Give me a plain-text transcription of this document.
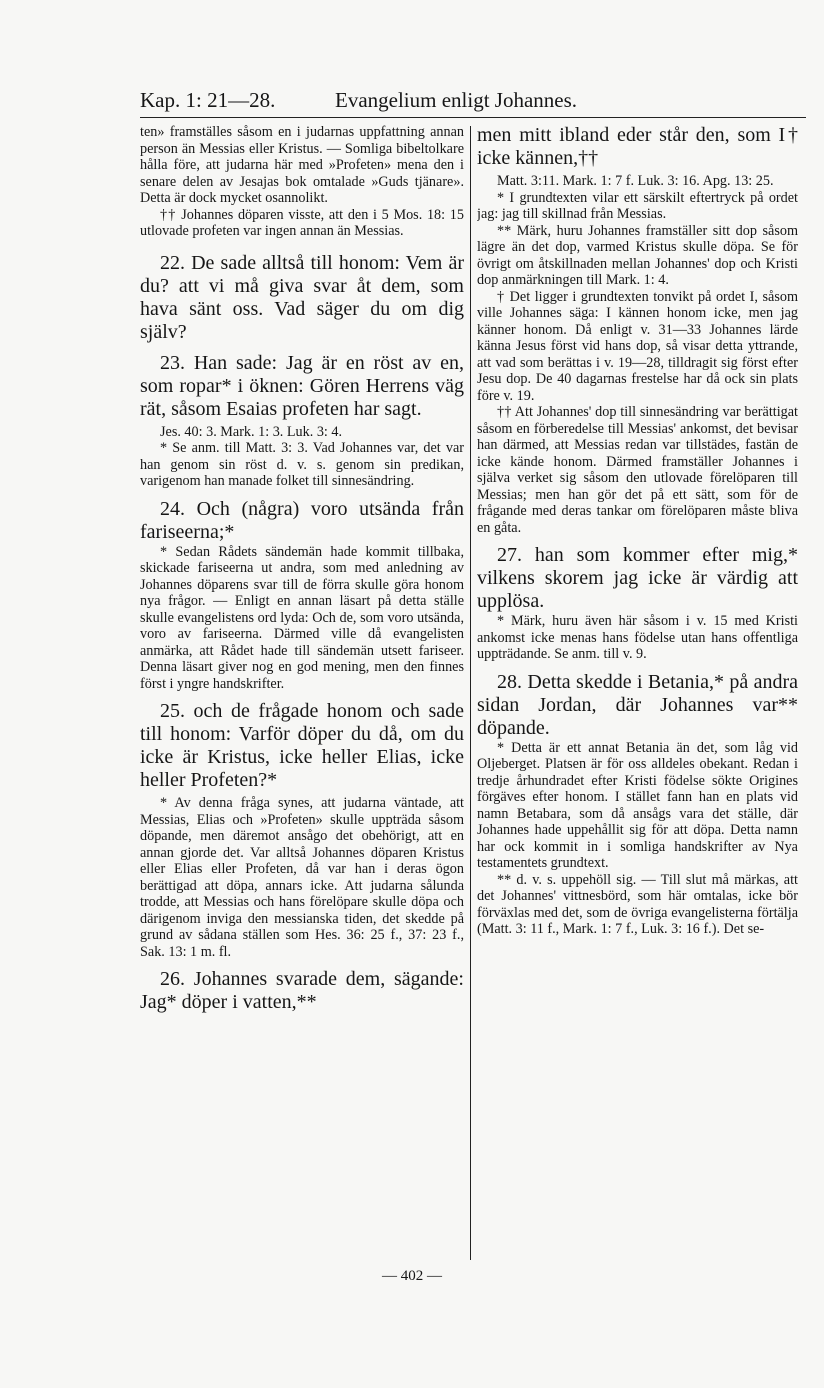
Kap. 1: 21—28.	Evangelium enligt Johannes.

ten» framställes såsom en i judarnas uppfattning annan person än Messias eller Kristus. — Somliga bibeltolkare hålla före, att judarna här med »Profeten» mena den i senare delen av Jesajas bok omtalade »Guds tjänare». Detta är dock mycket osannolikt.

†† Johannes döparen visste, att den i 5 Mos. 18: 15 utlovade profeten var ingen annan än Messias.

22. De sade alltså till honom: Vem är du? att vi må giva svar åt dem, som hava sänt oss. Vad säger du om dig själv?

23. Han sade: Jag är en röst av en, som ropar* i öknen: Gören Herrens väg rät, såsom Esaias profeten har sagt.

Jes. 40: 3. Mark. 1: 3. Luk. 3: 4.

* Se anm. till Matt. 3: 3. Vad Johannes var, det var han genom sin röst d. v. s. genom sin predikan, varigenom han manade folket till sinnesändring.

24. Och (några) voro utsända från fariseerna;*

* Sedan Rådets sändemän hade kommit tillbaka, skickade fariseerna ut andra, som med anledning av Johannes döparens svar till de förra skulle göra honom nya frågor. — Enligt en annan läsart på detta ställe skulle evangelistens ord lyda: Och de, som voro utsända, voro av fariseerna. Därmed ville då evangelisten anmärka, att Rådet hade till sändemän utsett fariseer. Denna läsart giver nog en god mening, men den finnes först i yngre handskrifter.

25. och de frågade honom och sade till honom: Varför döper du då, om du icke är Kristus, icke heller Elias, icke heller Profeten?*

* Av denna fråga synes, att judarna väntade, att Messias, Elias och »Profeten» skulle uppträda såsom döpande, men däremot ansågo det obehörigt, att en annan gjorde det. Var alltså Johannes döparen Kristus eller Elias eller Profeten, då var han i deras ögon berättigad att döpa, annars icke. Att judarna sålunda trodde, att Messias och hans förelöpare skulle döpa och därigenom inviga den messianska tiden, det skedde på grund av sådana ställen som Hes. 36: 25 f., 37: 23 f., Sak. 13: 1 m. fl.

26. Johannes svarade dem, sägande: Jag* döper i vatten,**

men mitt ibland eder står den, som I† icke kännen,††

Matt. 3:11. Mark. 1: 7 f. Luk. 3: 16. Apg. 13: 25.

* I grundtexten vilar ett särskilt eftertryck på ordet jag: jag till skillnad från Messias.

** Märk, huru Johannes framställer sitt dop såsom lägre än det dop, varmed Kristus skulle döpa. Se för övrigt om åtskillnaden mellan Johannes' dop och Kristi dop anmärkningen till Mark. 1: 4.

† Det ligger i grundtexten tonvikt på ordet I, såsom ville Johannes säga: I kännen honom icke, men jag känner honom. Då enligt v. 31—33 Johannes lärde känna Jesus först vid hans dop, så visar detta yttrande, att vad som berättas i v. 19—28, tilldragit sig först efter Jesu dop. De 40 dagarnas frestelse har då ock sin plats före v. 19.

†† Att Johannes' dop till sinnesändring var berättigat såsom en förberedelse till Messias' ankomst, det bevisar han därmed, att Messias redan var tillstädes, fastän de icke kände honom. Därmed framställer Johannes i själva verket sig såsom den utlovade förelöparen till Messias; men han gör det på ett sätt, som för de frågande med deras tankar om förelöparen måste bliva en gåta.

27. han som kommer efter mig,* vilkens skorem jag icke är värdig att upplösa.

* Märk, huru även här såsom i v. 15 med Kristi ankomst icke menas hans födelse utan hans offentliga uppträdande. Se anm. till v. 9.

28. Detta skedde i Betania,* på andra sidan Jordan, där Johannes var** döpande.

* Detta är ett annat Betania än det, som låg vid Oljeberget. Platsen är för oss alldeles obekant. Redan i tredje århundradet efter Kristi födelse sökte Origines förgäves efter honom. I stället fann han en plats vid namn Betabara, som då ansågs vara det ställe, där Johannes hade uppehållit sig för att döpa. Detta namn har ock kommit in i somliga handskrifter av Nya testamentets grundtext.

** d. v. s. uppehöll sig. — Till slut må märkas, att det Johannes' vittnesbörd, som här omtalas, icke bör förväxlas med det, som de övriga evangelisterna förtälja (Matt. 3: 11 f., Mark. 1: 7 f., Luk. 3: 16 f.). Det se-

— 402 —
